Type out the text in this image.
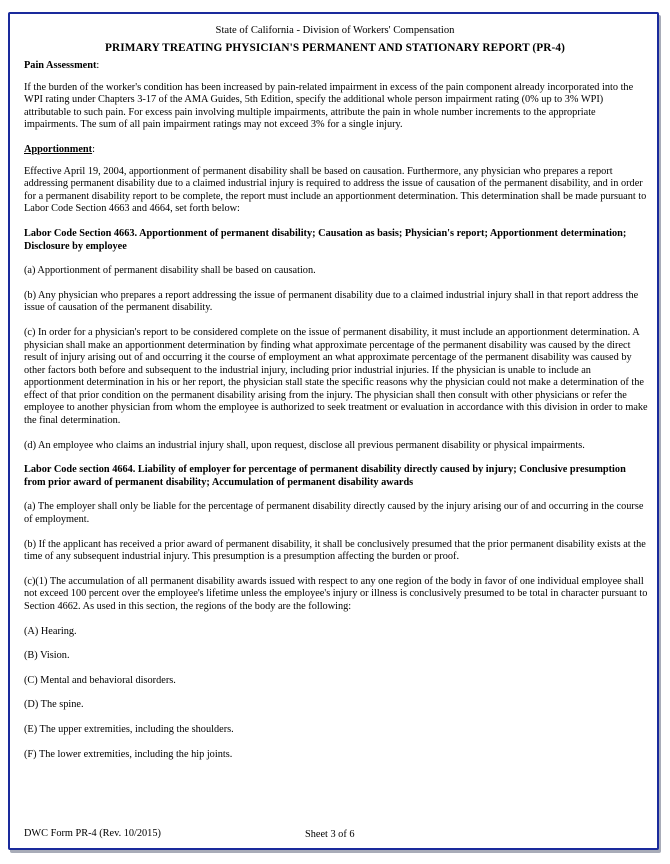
State of California - Division of Workers' Compensation
PRIMARY TREATING PHYSICIAN'S PERMANENT AND STATIONARY REPORT (PR-4)

Pain Assessment:

If the burden of the worker's condition has been increased by pain-related impairment in excess of the pain component already incorporated into the WPI rating under Chapters 3-17 of the AMA Guides, 5th Edition, specify the additional whole person impairment rating (0% up to 3% WPI) attributable to such pain. For excess pain involving multiple impairments, attribute the pain in whole number increments to the appropriate impairments. The sum of all pain impairment ratings may not exceed 3% for a single injury.

Apportionment:

Effective April 19, 2004, apportionment of permanent disability shall be based on causation. Furthermore, any physician who prepares a report addressing permanent disability due to a claimed industrial injury is required to address the issue of causation of the permanent disability, and in order for a permanent disability report to be complete, the report must include an apportionment determination. This determination shall be made pursuant to Labor Code Section 4663 and 4664, set forth below:

Labor Code Section 4663. Apportionment of permanent disability; Causation as basis; Physician's report; Apportionment determination; Disclosure by employee

(a) Apportionment of permanent disability shall be based on causation.

(b) Any physician who prepares a report addressing the issue of permanent disability due to a claimed industrial injury shall in that report address the issue of causation of the permanent disability.

(c) In order for a physician's report to be considered complete on the issue of permanent disability, it must include an apportionment determination. A physician shall make an apportionment determination by finding what approximate percentage of the permanent disability was caused by the direct result of injury arising out of and occurring it the course of employment an what approximate percentage of the permanent disability was caused by other factors both before and subsequent to the industrial injury, including prior industrial injuries. If the physician is unable to include an apportionment determination in his or her report, the physician stall state the specific reasons why the physician could not make a determination of the effect of that prior condition on the permanent disability arising from the injury. The physician shall then consult with other physicians or refer the employee to another physician from whom the employee is authorized to seek treatment or evaluation in accordance with this division in order to make the final determination.

(d) An employee who claims an industrial injury shall, upon request, disclose all previous permanent disability or physical impairments.

Labor Code section 4664. Liability of employer for percentage of permanent disability directly caused by injury; Conclusive presumption from prior award of permanent disability; Accumulation of permanent disability awards

(a) The employer shall only be liable for the percentage of permanent disability directly caused by the injury arising our of and occurring in the course of employment.

(b) If the applicant has received a prior award of permanent disability, it shall be conclusively presumed that the prior permanent disability exists at the time of any subsequent industrial injury. This presumption is a presumption affecting the burden or proof.

(c)(1) The accumulation of all permanent disability awards issued with respect to any one region of the body in favor of one individual employee shall not exceed 100 percent over the employee's lifetime unless the employee's injury or illness is conclusively presumed to be total in character pursuant to Section 4662. As used in this section, the regions of the body are the following:

(A) Hearing.

(B) Vision.

(C) Mental and behavioral disorders.

(D) The spine.

(E) The upper extremities, including the shoulders.

(F) The lower extremities, including the hip joints.

DWC Form PR-4 (Rev. 10/2015)	Sheet 3 of 6
